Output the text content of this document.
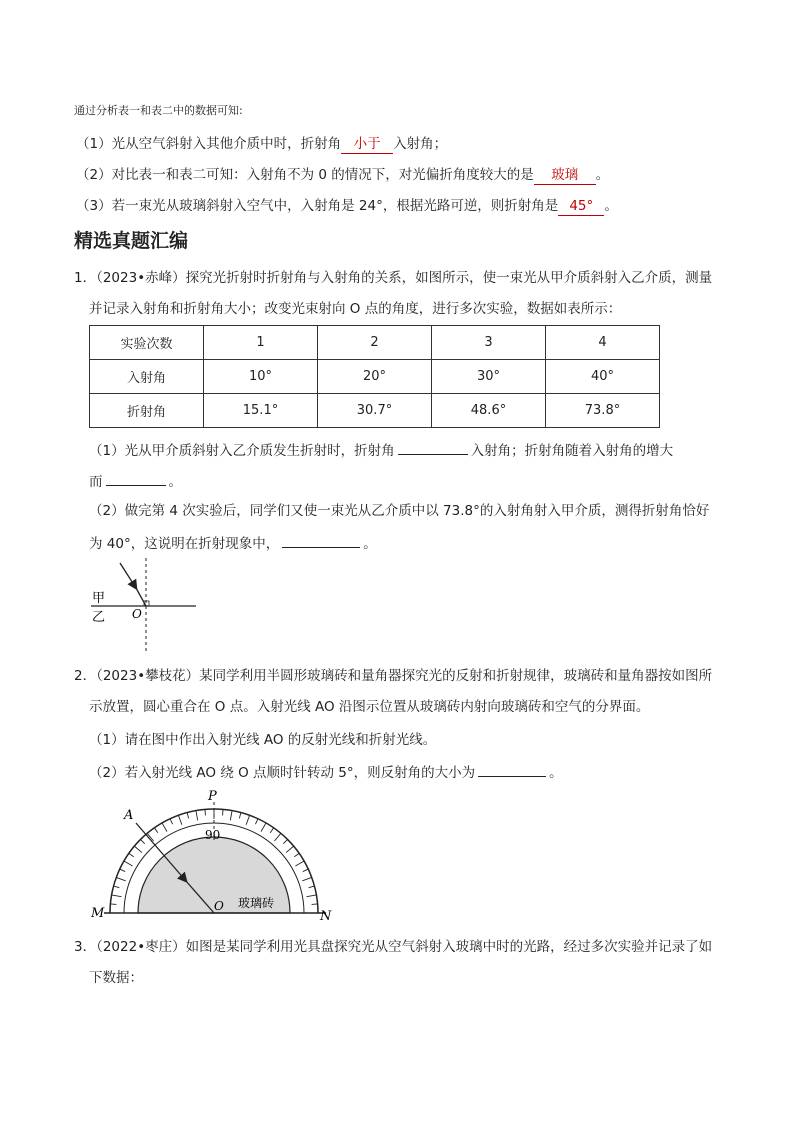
通过分析表一和表二中的数据可知:
（1）光从空气斜射入其他介质中时，折射角 小于 入射角；
（2）对比表一和表二可知：入射角不为 0 的情况下，对光偏折角度较大的是 玻璃 。
（3）若一束光从玻璃斜射入空气中，入射角是 24°，根据光路可逆，则折射角是 45° 。
精选真题汇编
1．（2023•赤峰）探究光折射时折射角与入射角的关系，如图所示，使一束光从甲介质斜射入乙介质，测量
并记录入射角和折射角大小；改变光束射向 O 点的角度，进行多次实验，数据如表所示：
实验次数	1	2	3	4
入射角	10°	20°	30°	40°
折射角	15.1°	30.7°	48.6°	73.8°
（1）光从甲介质斜射入乙介质发生折射时，折射角	入射角；折射角随着入射角的增大
而	。
（2）做完第 4 次实验后，同学们又使一束光从乙介质中以 73.8°的入射角射入甲介质，测得折射角恰好
为 40°，这说明在折射现象中，	。
甲
乙 O
2．（2023•攀枝花）某同学利用半圆形玻璃砖和量角器探究光的反射和折射规律，玻璃砖和量角器按如图所
示放置，圆心重合在 O 点。入射光线 AO 沿图示位置从玻璃砖内射向玻璃砖和空气的分界面。
（1）请在图中作出入射光线 AO 的反射光线和折射光线。
（2）若入射光线 AO 绕 O 点顺时针转动 5°，则反射角的大小为	。
P
A
90
O
M	N
玻璃砖
3．（2022•枣庄）如图是某同学利用光具盘探究光从空气斜射入玻璃中时的光路，经过多次实验并记录了如
下数据：
